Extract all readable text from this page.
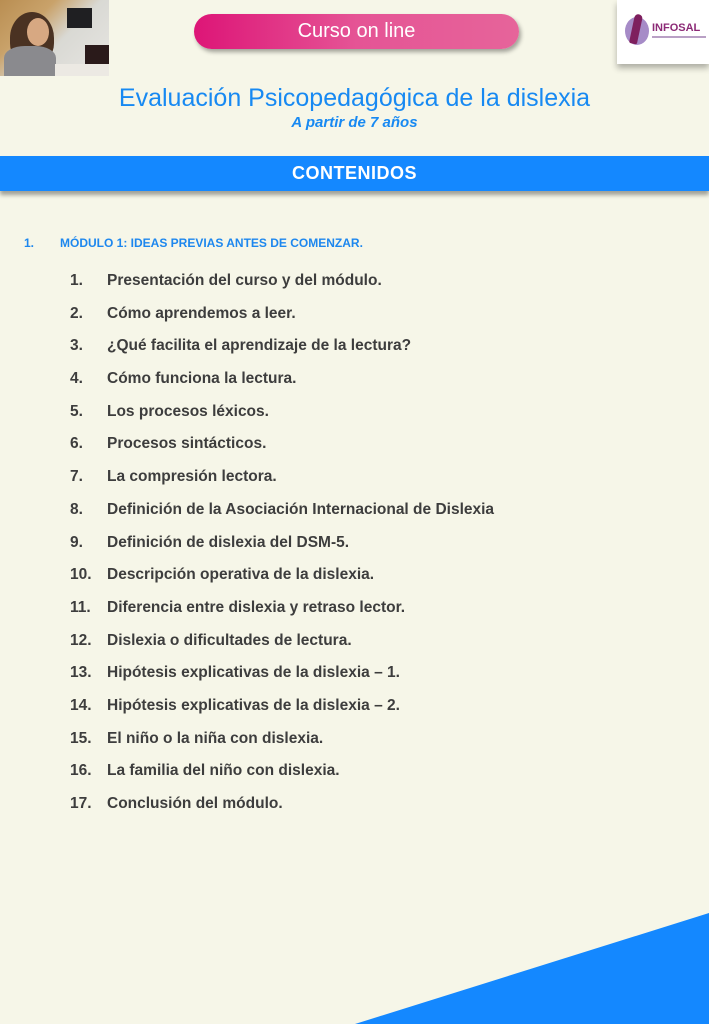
Curso on line	INFOSAL
Evaluación Psicopedagógica de la dislexia
A partir de 7 años
CONTENIDOS
1. MÓDULO 1: IDEAS PREVIAS ANTES DE COMENZAR.
1. Presentación del curso y del módulo.
2. Cómo aprendemos a leer.
3. ¿Qué facilita el aprendizaje de la lectura?
4. Cómo funciona la lectura.
5. Los procesos léxicos.
6. Procesos sintácticos.
7. La compresión lectora.
8. Definición de la Asociación Internacional de Dislexia
9. Definición de dislexia del DSM-5.
10. Descripción operativa de la dislexia.
11. Diferencia entre dislexia y retraso lector.
12. Dislexia o dificultades de lectura.
13. Hipótesis explicativas de la dislexia – 1.
14. Hipótesis explicativas de la dislexia – 2.
15. El niño o la niña con dislexia.
16. La familia del niño con dislexia.
17. Conclusión del módulo.
